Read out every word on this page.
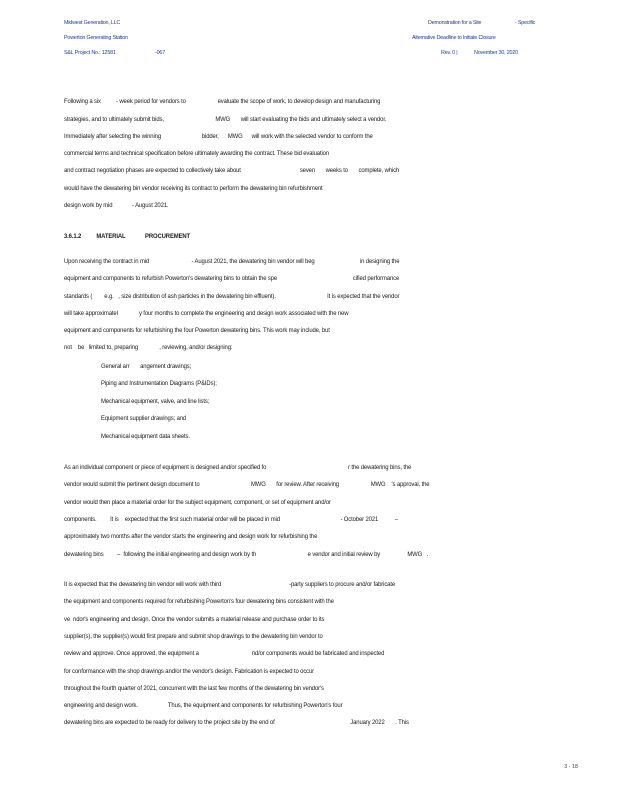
Midwest Generation, LLC
Powerton Generating Station
S&L Project No.: 12581	-067
Demonstration for a Site	- Specific
Alternative Deadline to Initiate Closure
Rev. 0 |	November 30, 2020
Following a six          - week period for vendors to                     evaluate the scope of work, to develop design and manufacturing
strategies, and to ultimately submit bids,                                  MWG       will start evaluating the bids and ultimately select a vendor.
Immediately after selecting the winning                           bidder,      MWG      will work with the selected vendor to conform the
commercial terms and technical specification before ultimately awarding the contract. These bid evaluation
and contract negotiation phases are expected to collectively take about                                       seven       weeks to       complete, which
would have the dewatering bin vendor receiving its contract to perform the dewatering bin refurbishment
design work by mid             - August 2021.
3.6.1.2          MATERIAL             PROCUREMENT
Upon receiving the contract in mid                            - August 2021, the dewatering bin vendor will beg                              in designing the
equipment and components to refurbish Powerton's dewatering bins to obtain the spe                                                  cified performance
standards (        e.g.   , size distribution of ash particles in the dewatering bin effluent).                                  It is expected that the vendor
will take approximatel              y four months to complete the engineering and design work associated with the new
equipment and components for refurbishing the four Powerton dewatering bins. This work may include, but
not    be   limited to, preparing              , reviewing, and/or designing:
General arr       angement drawings;
Piping and Instrumentation Diagrams (P&IDs);
Mechanical equipment, valve, and line lists;
Equipment supplier drawings; and
Mechanical equipment data sheets.
As an individual component or piece of equipment is designed and/or specified fo                                                      r the dewatering bins, the
vendor would submit the pertinent design document to                                  MWG       for review. After receiving                     MWG    's approval, the
vendor would then place a material order for the subject equipment, component, or set of equipment and/or
components.         It is    expected that the first such material order will be placed in mid                                        - October 2021           –
approximately two months after the vendor starts the engineering and design work for refurbishing the
dewatering bins         –  following the initial engineering and design work by th                                  e vendor and initial review by                  MWG   .
It is expected that the dewatering bin vendor will work with third                                             -party suppliers to procure and/or fabricate
the equipment and components required for refurbishing Powerton's four dewatering bins consistent with the
ve  ndor's engineering and design. Once the vendor submits a material release and purchase order to its
supplier(s), the supplier(s) would first prepare and submit shop drawings to the dewatering bin vendor to
review and approve. Once approved, the equipment a                                   nd/or components would be fabricated and inspected
for conformance with the shop drawings and/or the vendor's design. Fabrication is expected to occur
throughout the fourth quarter of 2021, concurrent with the last few months of the dewatering bin vendor's
engineering and design work.                    Thus, the equipment and components for refurbishing Powerton's four
dewatering bins are expected to be ready for delivery to the project site by the end of                                                  January 2022       . This
3 - 18
